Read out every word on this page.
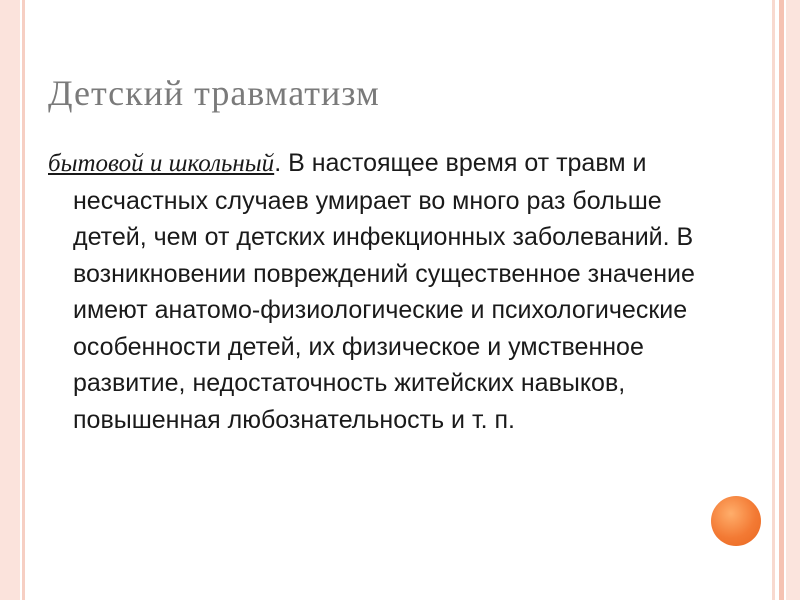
Детский травматизм

бытовой и школьный. В настоящее время от травм и несчастных случаев умирает во много раз больше детей, чем от детских инфекционных заболеваний. В возникновении повреждений существенное значение имеют анатомо-физиологические и психологические особенности детей, их физическое и умственное развитие, недостаточность житейских навыков, повышенная любознательность и т. п.
